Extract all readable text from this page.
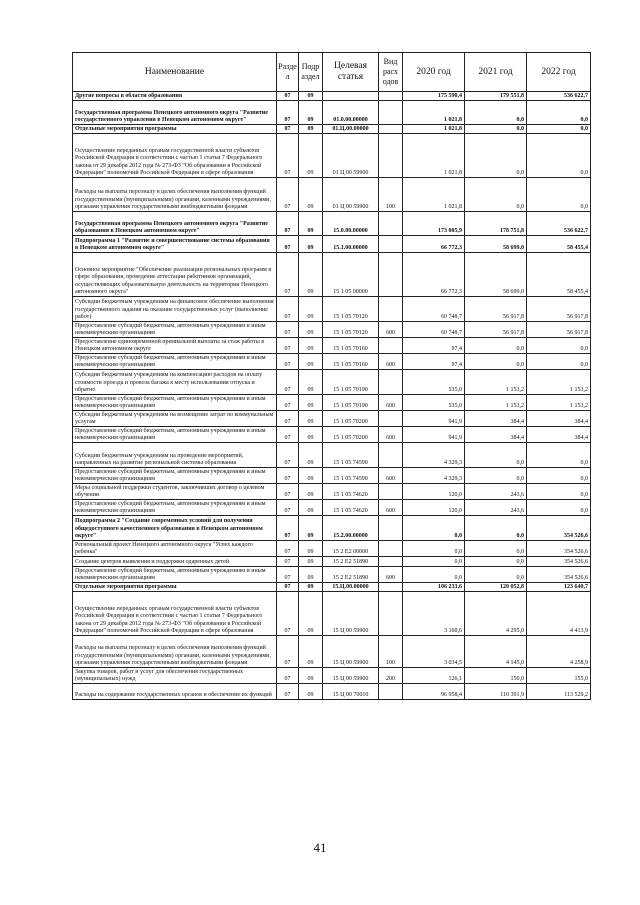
Наименование	Разде л	Подр аздел	Целевая статья	Вид расх одов	2020 год	2021 год	2022 год
Другие вопросы в области образования	07	09			175 590,4	179 551,8	536 622,7
Государственная программа Ненецкого автономного округа "Развитие государственного управления в Ненецком автономном округе"	07	09	01.0.00.00000		1 021,8	0,0	0,0
Отдельные мероприятия программы	07	09	01.Ц.00.00000		1 021,8	0,0	0,0
Осуществление переданных органам государственной власти субъектов Российской Федерации в соответствии с частью 1 статьи 7 Федерального закона от 29 декабря 2012 года № 273-ФЗ "Об образовании в Российской Федерации" полномочий Российской Федерации в сфере образования	07	09	01 Ц 00 59900		1 021,8	0,0	0,0
Расходы на выплаты персоналу в целях обеспечения выполнения функций государственными (муниципальными) органами, казенными учреждениями, органами управления государственными внебюджетными фондами	07	09	01 Ц 00 59900	100	1 021,8	0,0	0,0
Государственная программа Ненецкого автономного округа "Развитие образования в Ненецком автономном округе"	07	09	15.0.00.00000		173 005,9	178 751,8	536 622,7
Подпрограмма 1 "Развитие и совершенствование системы образования в Ненецком автономном округе"	07	09	15.1.00.00000		66 772,3	58 699,0	58 455,4
Основное мероприятие "Обеспечение реализации региональных программ в сфере образования, проведение аттестации работников организаций, осуществляющих образовательную деятельность на территории Ненецкого автономного округа"	07	09	15 1 05 00000		66 772,3	58 699,0	58 455,4
Субсидии бюджетным учреждениям на финансовое обеспечение выполнения государственного задания на оказание государственных услуг (выполнение работ)	07	09	15 1 05 70120		60 748,7	56 917,8	56 917,8
Предоставление субсидий бюджетным, автономным учреждениям и иным некоммерческим организациям	07	09	15 1 05 70120	600	60 748,7	56 917,8	56 917,8
Предоставление единовременной премиальной выплаты за стаж работы в Ненецком автономном округе	07	09	15 1 05 70160		97,4	0,0	0,0
Предоставление субсидий бюджетным, автономным учреждениям и иным некоммерческим организациям	07	09	15 1 05 70160	600	97,4	0,0	0,0
Субсидии бюджетным учреждениям на компенсацию расходов на оплату стоимости проезда и провоза багажа к месту использования отпуска и обратно	07	09	15 1 05 70190		535,0	1 153,2	1 153,2
Предоставление субсидий бюджетным, автономным учреждениям и иным некоммерческим организациям	07	09	15 1 05 70190	600	535,0	1 153,2	1 153,2
Субсидии бюджетным учреждениям на возмещение затрат по коммунальным услугам	07	09	15 1 05 70200		941,9	384,4	384,4
Предоставление субсидий бюджетным, автономным учреждениям и иным некоммерческим организациям	07	09	15 1 05 70200	600	941,9	384,4	384,4
Субсидии бюджетным учреждениям на проведение мероприятий, направленных на развитие региональной системы образования	07	09	15 1 05 74590		4 329,3	0,0	0,0
Предоставление субсидий бюджетным, автономным учреждениям и иным некоммерческим организациям	07	09	15 1 05 74590	600	4 329,3	0,0	0,0
Меры социальной поддержки студентов, заключивших договор о целевом обучении	07	09	15 1 05 74620		120,0	243,6	0,0
Предоставление субсидий бюджетным, автономным учреждениям и иным некоммерческим организациям	07	09	15 1 05 74620	600	120,0	243,6	0,0
Подпрограмма 2 "Создание современных условий для получения общедоступного качественного образования в Ненецком автономном округе"	07	09	15.2.00.00000		0,0	0,0	354 526,6
Региональный проект Ненецкого автономного округа "Успех каждого ребенка"	07	09	15 2 Е2 00000		0,0	0,0	354 526,6
Создание центров выявления и поддержки одаренных детей	07	09	15 2 Е2 51890		0,0	0,0	354 526,6
Предоставление субсидий бюджетным, автономным учреждениям и иным некоммерческим организациям	07	09	15 2 Е2 51890	600	0,0	0,0	354 526,6
Отдельные мероприятия программы	07	09	15.Ц.00.00000		106 233,6	120 052,8	123 640,7
Осуществление переданных органам государственной власти субъектов Российской Федерации в соответствии с частью 1 статьи 7 Федерального закона от 29 декабря 2012 года № 273-ФЗ "Об образовании в Российской Федерации" полномочий Российской Федерации в сфере образования	07	09	15 Ц 00 59900		3 160,6	4 295,0	4 413,9
Расходы на выплаты персоналу в целях обеспечения выполнения функций государственными (муниципальными) органами, казенными учреждениями, органами управления государственными внебюджетными фондами	07	09	15 Ц 00 59900	100	3 034,5	4 145,0	4 258,9
Закупка товаров, работ и услуг для обеспечения государственных (муниципальных) нужд	07	09	15 Ц 00 59900	200	126,1	150,0	155,0
Расходы на содержание государственных органов и обеспечение их функций	07	09	15 Ц 00 70010		96 958,4	110 391,9	113 529,2
41
